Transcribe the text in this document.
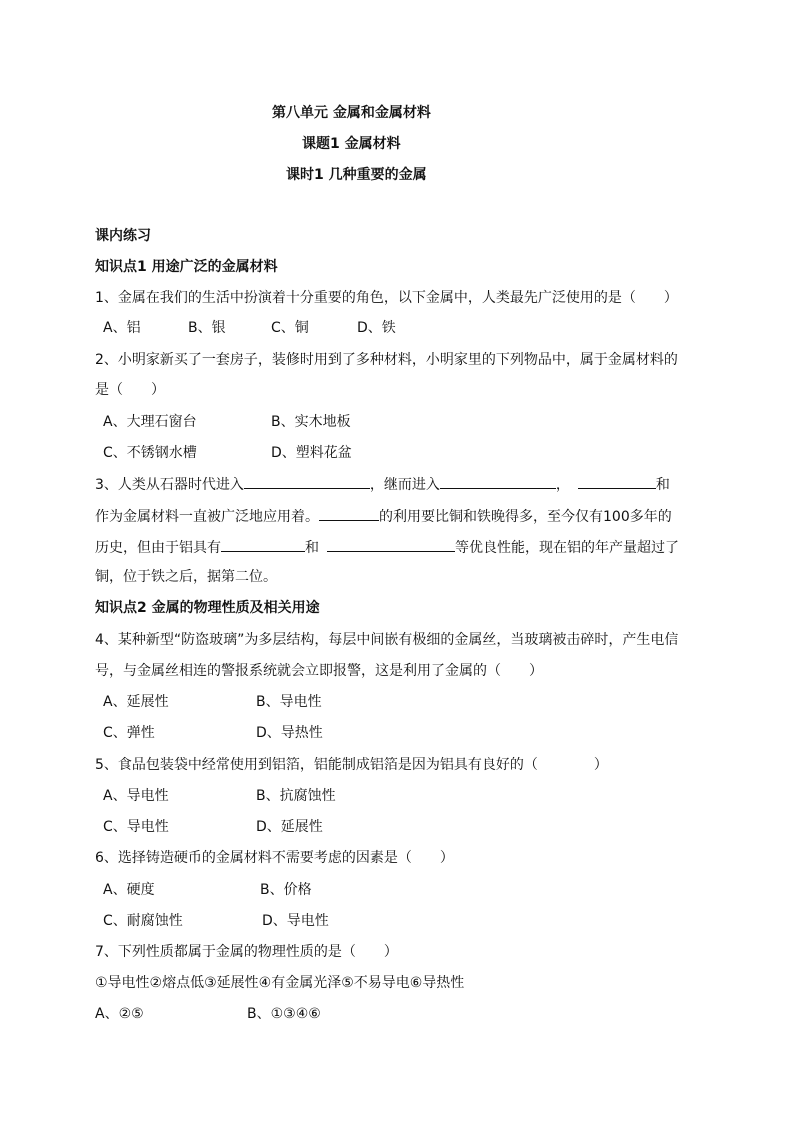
第八单元 金属和金属材料
课题1 金属材料
课时1 几种重要的金属
课内练习
知识点1 用途广泛的金属材料
1、金属在我们的生活中扮演着十分重要的角色，以下金属中，人类最先广泛使用的是（　　）
A、铝	B、银	C、铜	D、铁
2、小明家新买了一套房子，装修时用到了多种材料，小明家里的下列物品中，属于金属材料的
是（　　）
A、大理石窗台	B、实木地板
C、不锈钢水槽	D、塑料花盆
3、人类从石器时代进入	，继而进入	，	和
作为金属材料一直被广泛地应用着。	的利用要比铜和铁晚得多，至今仅有100多年的
历史，但由于铝具有	和	等优良性能，现在铝的年产量超过了
铜，位于铁之后，据第二位。
知识点2 金属的物理性质及相关用途
4、某种新型“防盗玻璃”为多层结构，每层中间嵌有极细的金属丝，当玻璃被击碎时，产生电信
号，与金属丝相连的警报系统就会立即报警，这是利用了金属的（　　）
A、延展性	B、导电性
C、弹性	D、导热性
5、食品包装袋中经常使用到铝箔，铝能制成铝箔是因为铝具有良好的（　　　　）
A、导电性	B、抗腐蚀性
C、导电性	D、延展性
6、选择铸造硬币的金属材料不需要考虑的因素是（　　）
A、硬度	B、价格
C、耐腐蚀性	D、导电性
7、下列性质都属于金属的物理性质的是（　　）
①导电性②熔点低③延展性④有金属光泽⑤不易导电⑥导热性
A、②⑤	B、①③④⑥
